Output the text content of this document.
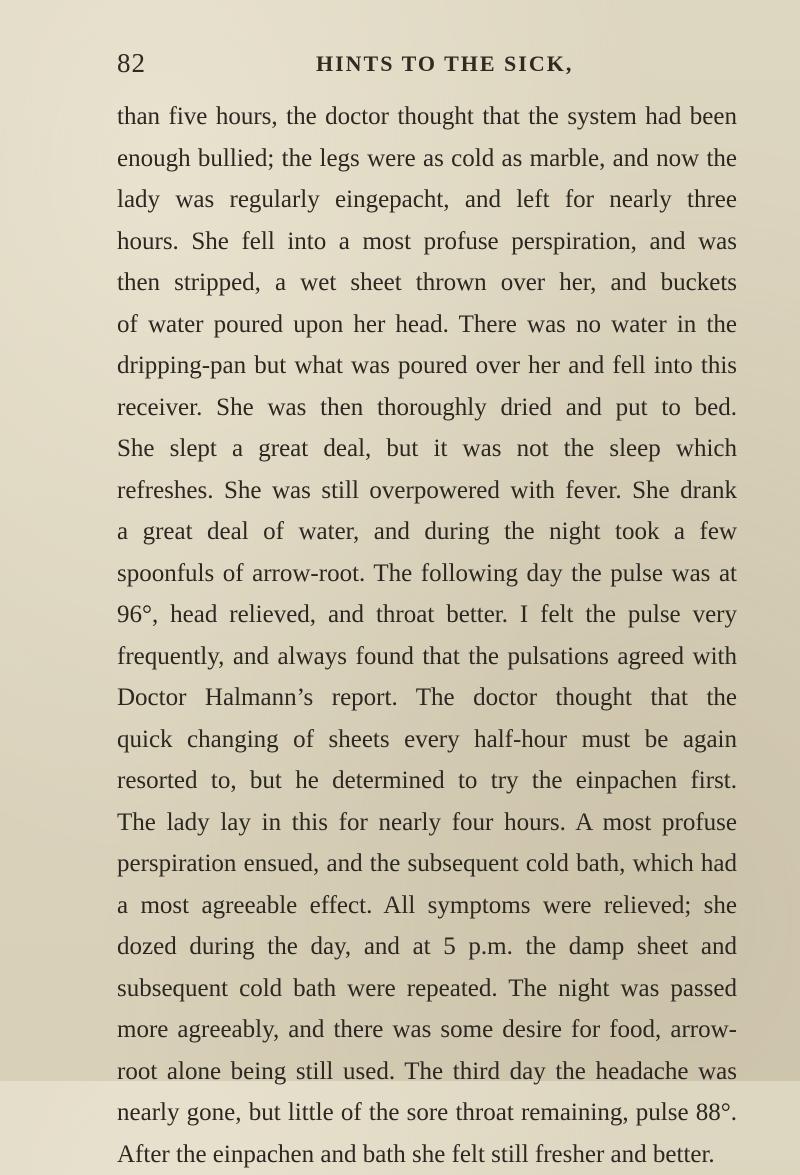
82	HINTS TO THE SICK,
than five hours, the doctor thought that the system had been
enough bullied; the legs were as cold as marble, and now the
lady was regularly eingepacht, and left for nearly three
hours. She fell into a most profuse perspiration, and was
then stripped, a wet sheet thrown over her, and buckets
of water poured upon her head. There was no water in the
dripping-pan but what was poured over her and fell into this
receiver. She was then thoroughly dried and put to bed.
She slept a great deal, but it was not the sleep which
refreshes. She was still overpowered with fever. She drank
a great deal of water, and during the night took a few
spoonfuls of arrow-root. The following day the pulse was at
96°, head relieved, and throat better. I felt the pulse very
frequently, and always found that the pulsations agreed with
Doctor Halmann’s report. The doctor thought that the
quick changing of sheets every half-hour must be again
resorted to, but he determined to try the einpachen first.
The lady lay in this for nearly four hours. A most profuse
perspiration ensued, and the subsequent cold bath, which had
a most agreeable effect. All symptoms were relieved; she
dozed during the day, and at 5 p.m. the damp sheet and
subsequent cold bath were repeated. The night was passed
more agreeably, and there was some desire for food, arrow-
root alone being still used. The third day the headache was
nearly gone, but little of the sore throat remaining, pulse 88°.
After the einpachen and bath she felt still fresher and better.
